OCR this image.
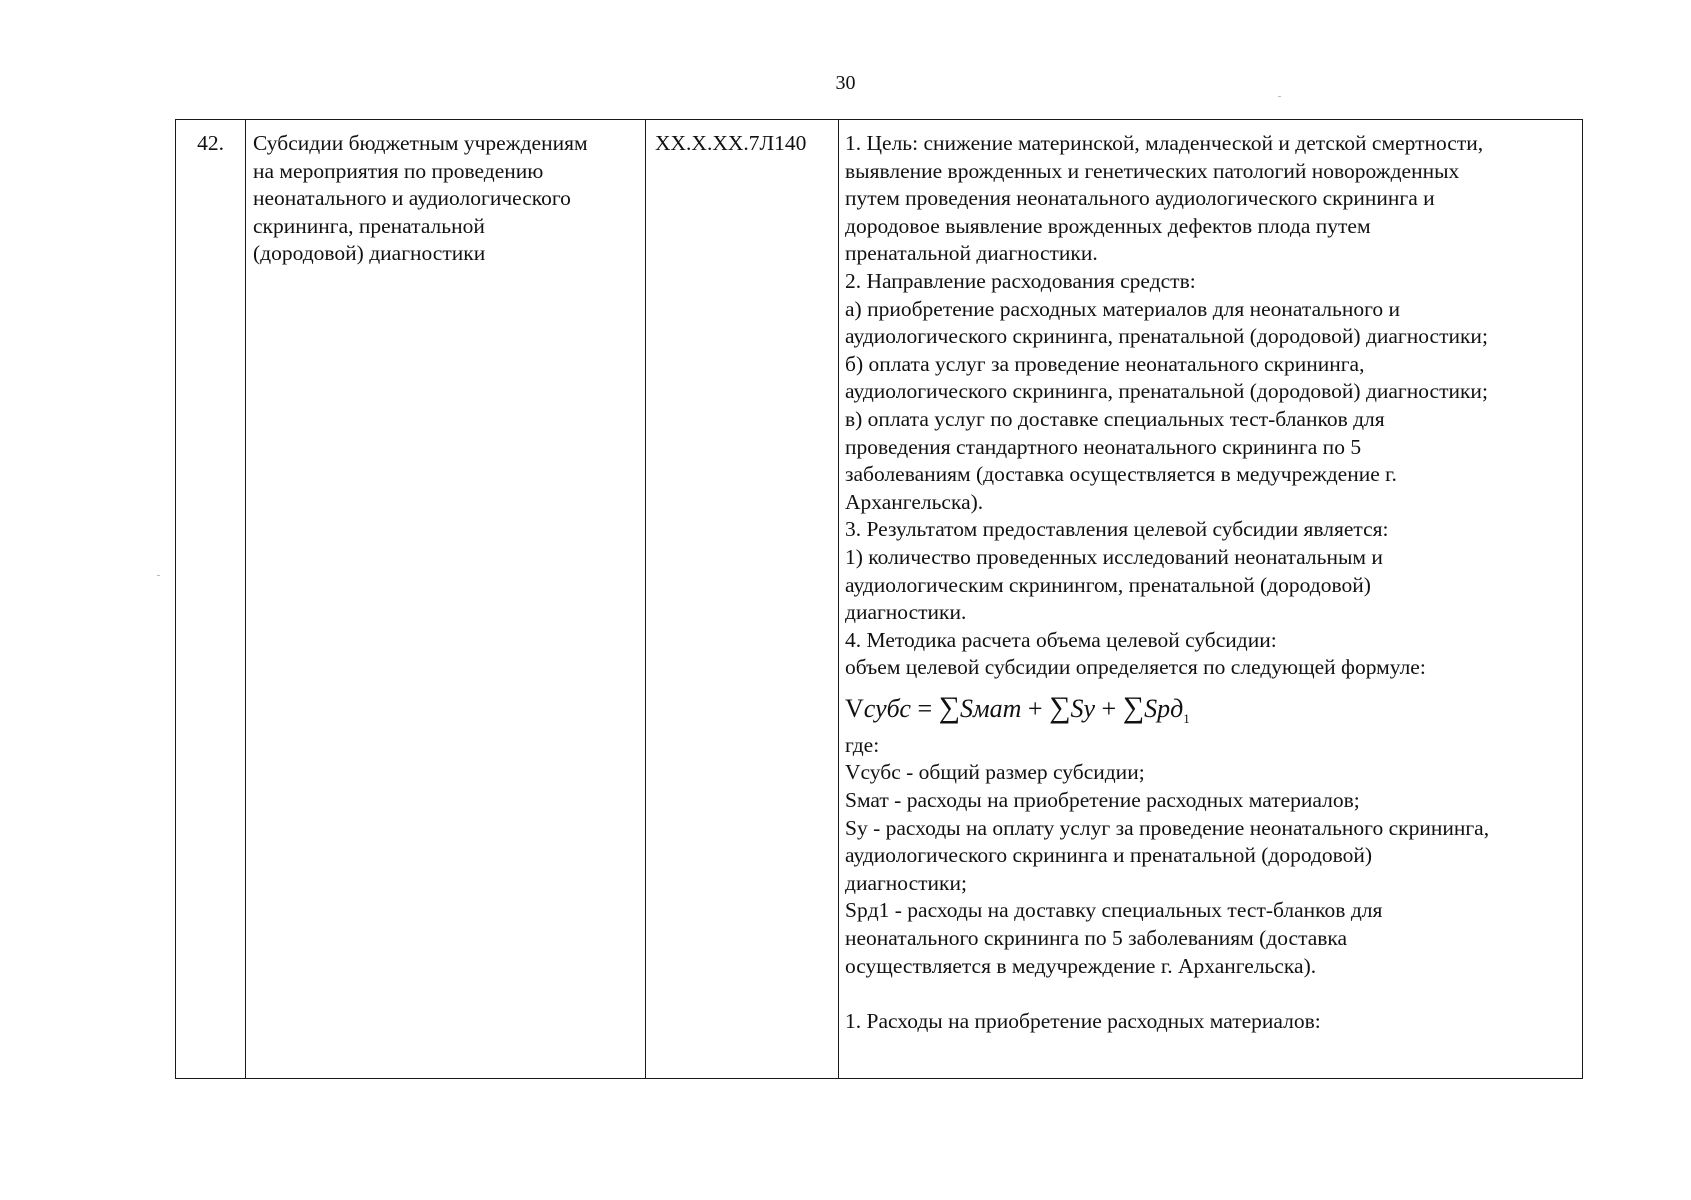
30
42.	Субсидии бюджетным учреждениям
на мероприятия по проведению
неонатального и аудиологического
скрининга, пренатальной
(дородовой) диагностики
XX.X.XX.7Л140	1. Цель: снижение материнской, младенческой и детской смертности,
выявление врожденных и генетических патологий новорожденных
путем проведения неонатального аудиологического скрининга и
дородовое выявление врожденных дефектов плода путем
пренатальной диагностики.
2. Направление расходования средств:
а) приобретение расходных материалов для неонатального и
аудиологического скрининга, пренатальной (дородовой) диагностики;
б) оплата услуг за проведение неонатального скрининга,
аудиологического скрининга, пренатальной (дородовой) диагностики;
в) оплата услуг по доставке специальных тест-бланков для
проведения стандартного неонатального скрининга по 5
заболеваниям (доставка осуществляется в медучреждение г.
Архангельска).
3. Результатом предоставления целевой субсидии является:
1) количество проведенных исследований неонатальным и
аудиологическим скринингом, пренатальной (дородовой)
диагностики.
4. Методика расчета объема целевой субсидии:
объем целевой субсидии определяется по следующей формуле:
Vсубс = ∑Sмат + ∑Sy + ∑Spд$_1$
где:
Vсубс - общий размер субсидии;
Sмат - расходы на приобретение расходных материалов;
Sy - расходы на оплату услуг за проведение неонатального скрининга,
аудиологического скрининга и пренатальной (дородовой)
диагностики;
Spд1 - расходы на доставку специальных тест-бланков для
неонатального скрининга по 5 заболеваниям (доставка
осуществляется в медучреждение г. Архангельска).
1. Расходы на приобретение расходных материалов:
